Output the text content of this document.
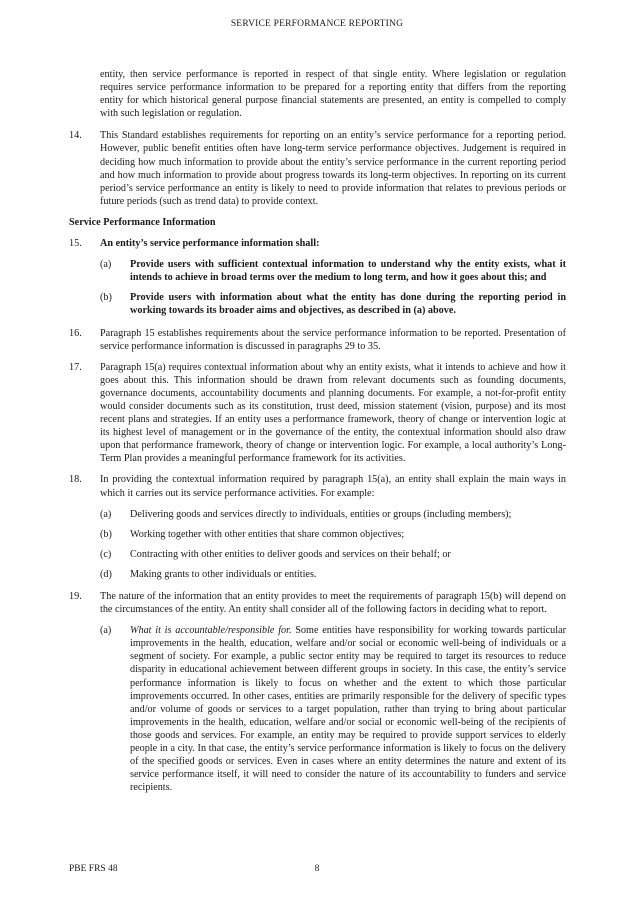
SERVICE PERFORMANCE REPORTING
entity, then service performance is reported in respect of that single entity. Where legislation or regulation requires service performance information to be prepared for a reporting entity that differs from the reporting entity for which historical general purpose financial statements are presented, an entity is compelled to comply with such legislation or regulation.
14.	This Standard establishes requirements for reporting on an entity’s service performance for a reporting period. However, public benefit entities often have long-term service performance objectives. Judgement is required in deciding how much information to provide about the entity’s service performance in the current reporting period and how much information to provide about progress towards its long-term objectives. In reporting on its current period’s service performance an entity is likely to need to provide information that relates to previous periods or future periods (such as trend data) to provide context.
Service Performance Information
15.	An entity’s service performance information shall:
(a)	Provide users with sufficient contextual information to understand why the entity exists, what it intends to achieve in broad terms over the medium to long term, and how it goes about this; and
(b)	Provide users with information about what the entity has done during the reporting period in working towards its broader aims and objectives, as described in (a) above.
16.	Paragraph 15 establishes requirements about the service performance information to be reported. Presentation of service performance information is discussed in paragraphs 29 to 35.
17.	Paragraph 15(a) requires contextual information about why an entity exists, what it intends to achieve and how it goes about this. This information should be drawn from relevant documents such as founding documents, governance documents, accountability documents and planning documents. For example, a not-for-profit entity would consider documents such as its constitution, trust deed, mission statement (vision, purpose) and its most recent plans and strategies. If an entity uses a performance framework, theory of change or intervention logic at its highest level of management or in the governance of the entity, the contextual information should also draw upon that performance framework, theory of change or intervention logic. For example, a local authority’s Long-Term Plan provides a meaningful performance framework for its activities.
18.	In providing the contextual information required by paragraph 15(a), an entity shall explain the main ways in which it carries out its service performance activities. For example:
(a)	Delivering goods and services directly to individuals, entities or groups (including members);
(b)	Working together with other entities that share common objectives;
(c)	Contracting with other entities to deliver goods and services on their behalf; or
(d)	Making grants to other individuals or entities.
19.	The nature of the information that an entity provides to meet the requirements of paragraph 15(b) will depend on the circumstances of the entity. An entity shall consider all of the following factors in deciding what to report.
(a)	What it is accountable/responsible for. Some entities have responsibility for working towards particular improvements in the health, education, welfare and/or social or economic well-being of individuals or a segment of society. For example, a public sector entity may be required to target its resources to reduce disparity in educational achievement between different groups in society. In this case, the entity’s service performance information is likely to focus on whether and the extent to which those particular improvements occurred. In other cases, entities are primarily responsible for the delivery of specific types and/or volume of goods or services to a target population, rather than trying to bring about particular improvements in the health, education, welfare and/or social or economic well-being of the recipients of those goods and services. For example, an entity may be required to provide support services to elderly people in a city. In that case, the entity’s service performance information is likely to focus on the delivery of the specified goods or services. Even in cases where an entity determines the nature and extent of its service performance itself, it will need to consider the nature of its accountability to funders and service recipients.
PBE FRS 48	8
